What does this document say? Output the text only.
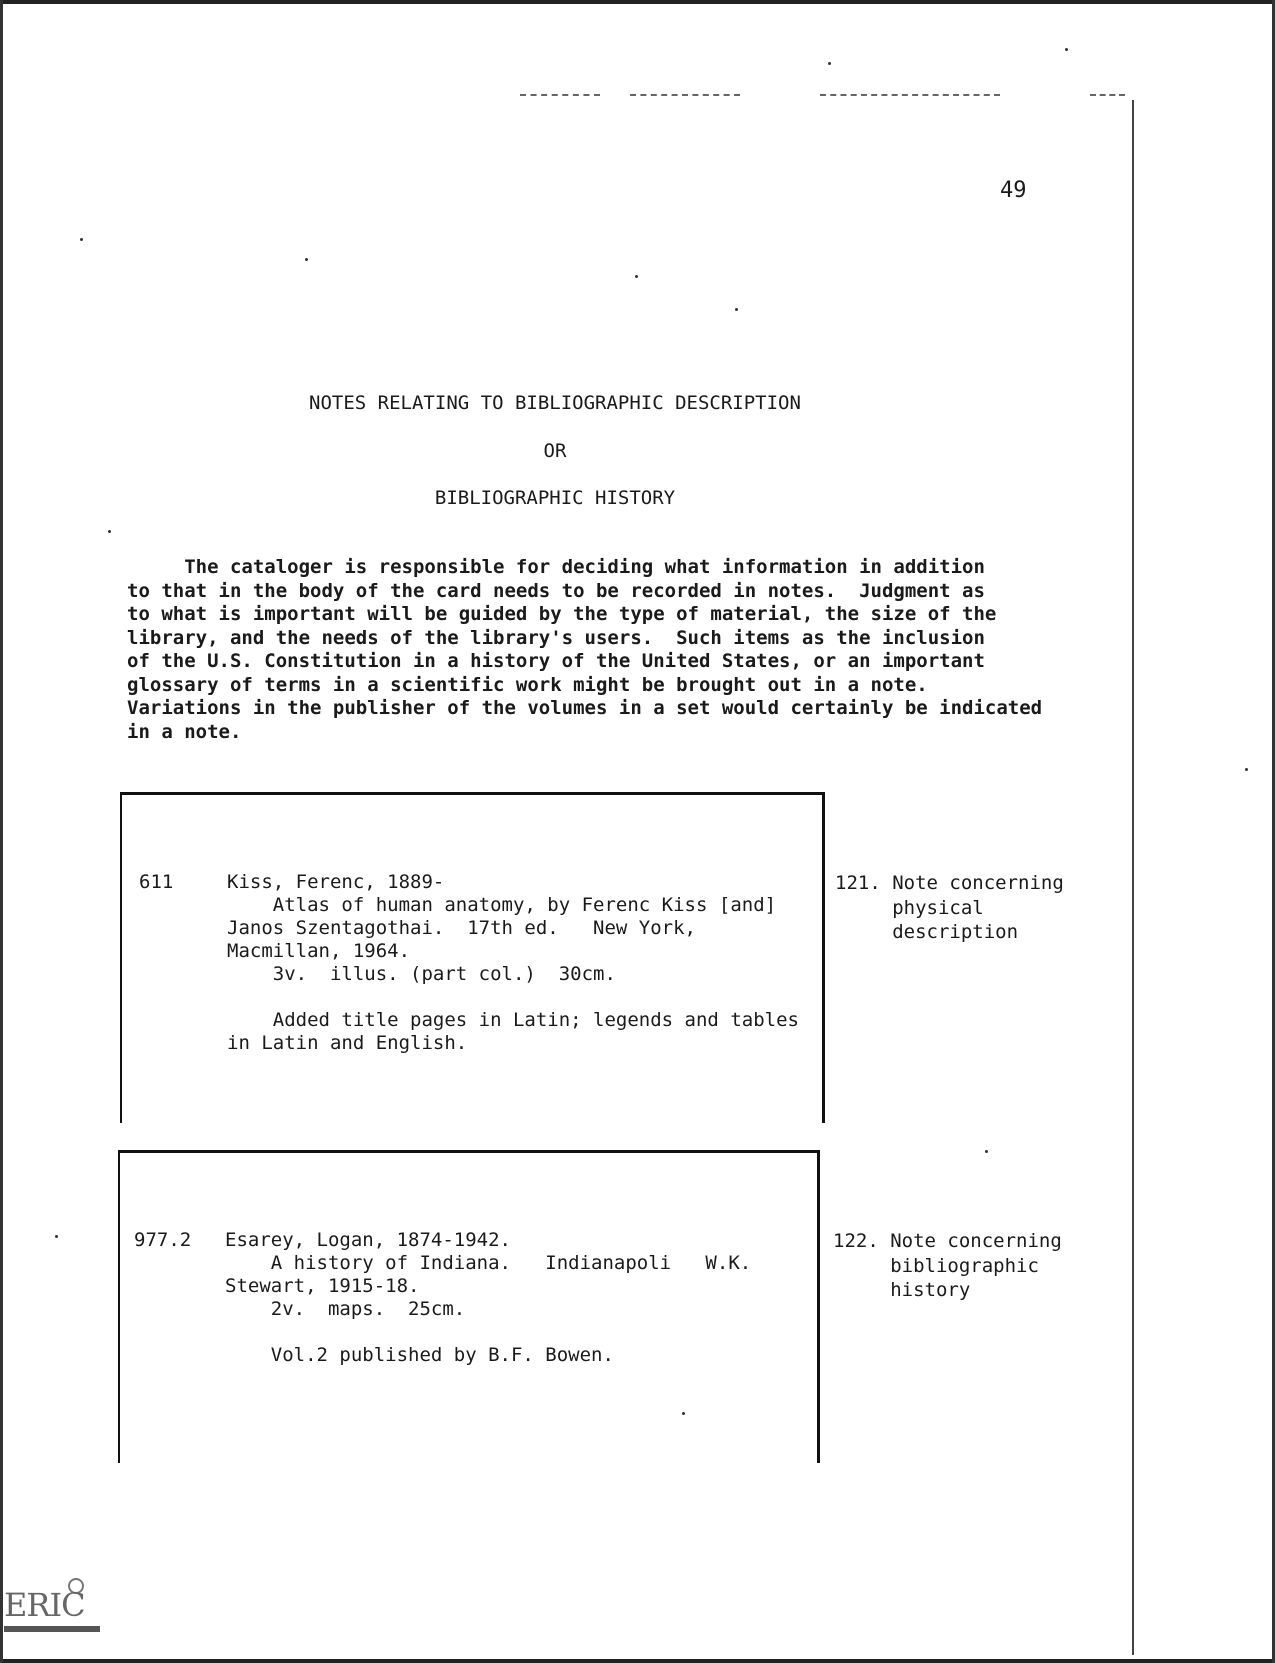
49
NOTES RELATING TO BIBLIOGRAPHIC DESCRIPTION
OR
BIBLIOGRAPHIC HISTORY
The cataloger is responsible for deciding what information in addition
to that in the body of the card needs to be recorded in notes.  Judgment as
to what is important will be guided by the type of material, the size of the
library, and the needs of the library's users.  Such items as the inclusion
of the U.S. Constitution in a history of the United States, or an important
glossary of terms in a scientific work might be brought out in a note.
Variations in the publisher of the volumes in a set would certainly be indicated
in a note.
611	Kiss, Ferenc, 1889-
Atlas of human anatomy, by Ferenc Kiss [and]
Janos Szentagothai.  17th ed.   New York,
Macmillan, 1964.
3v.  illus. (part col.)  30cm.

Added title pages in Latin; legends and tables
in Latin and English.
121. Note concerning
physical
description
977.2 Esarey, Logan, 1874-1942.
A history of Indiana.   Indianapoli   W.K.
Stewart, 1915-18.
2v.  maps.  25cm.

Vol.2 published by B.F. Bowen.
122. Note concerning
bibliographic
history
ERIC
